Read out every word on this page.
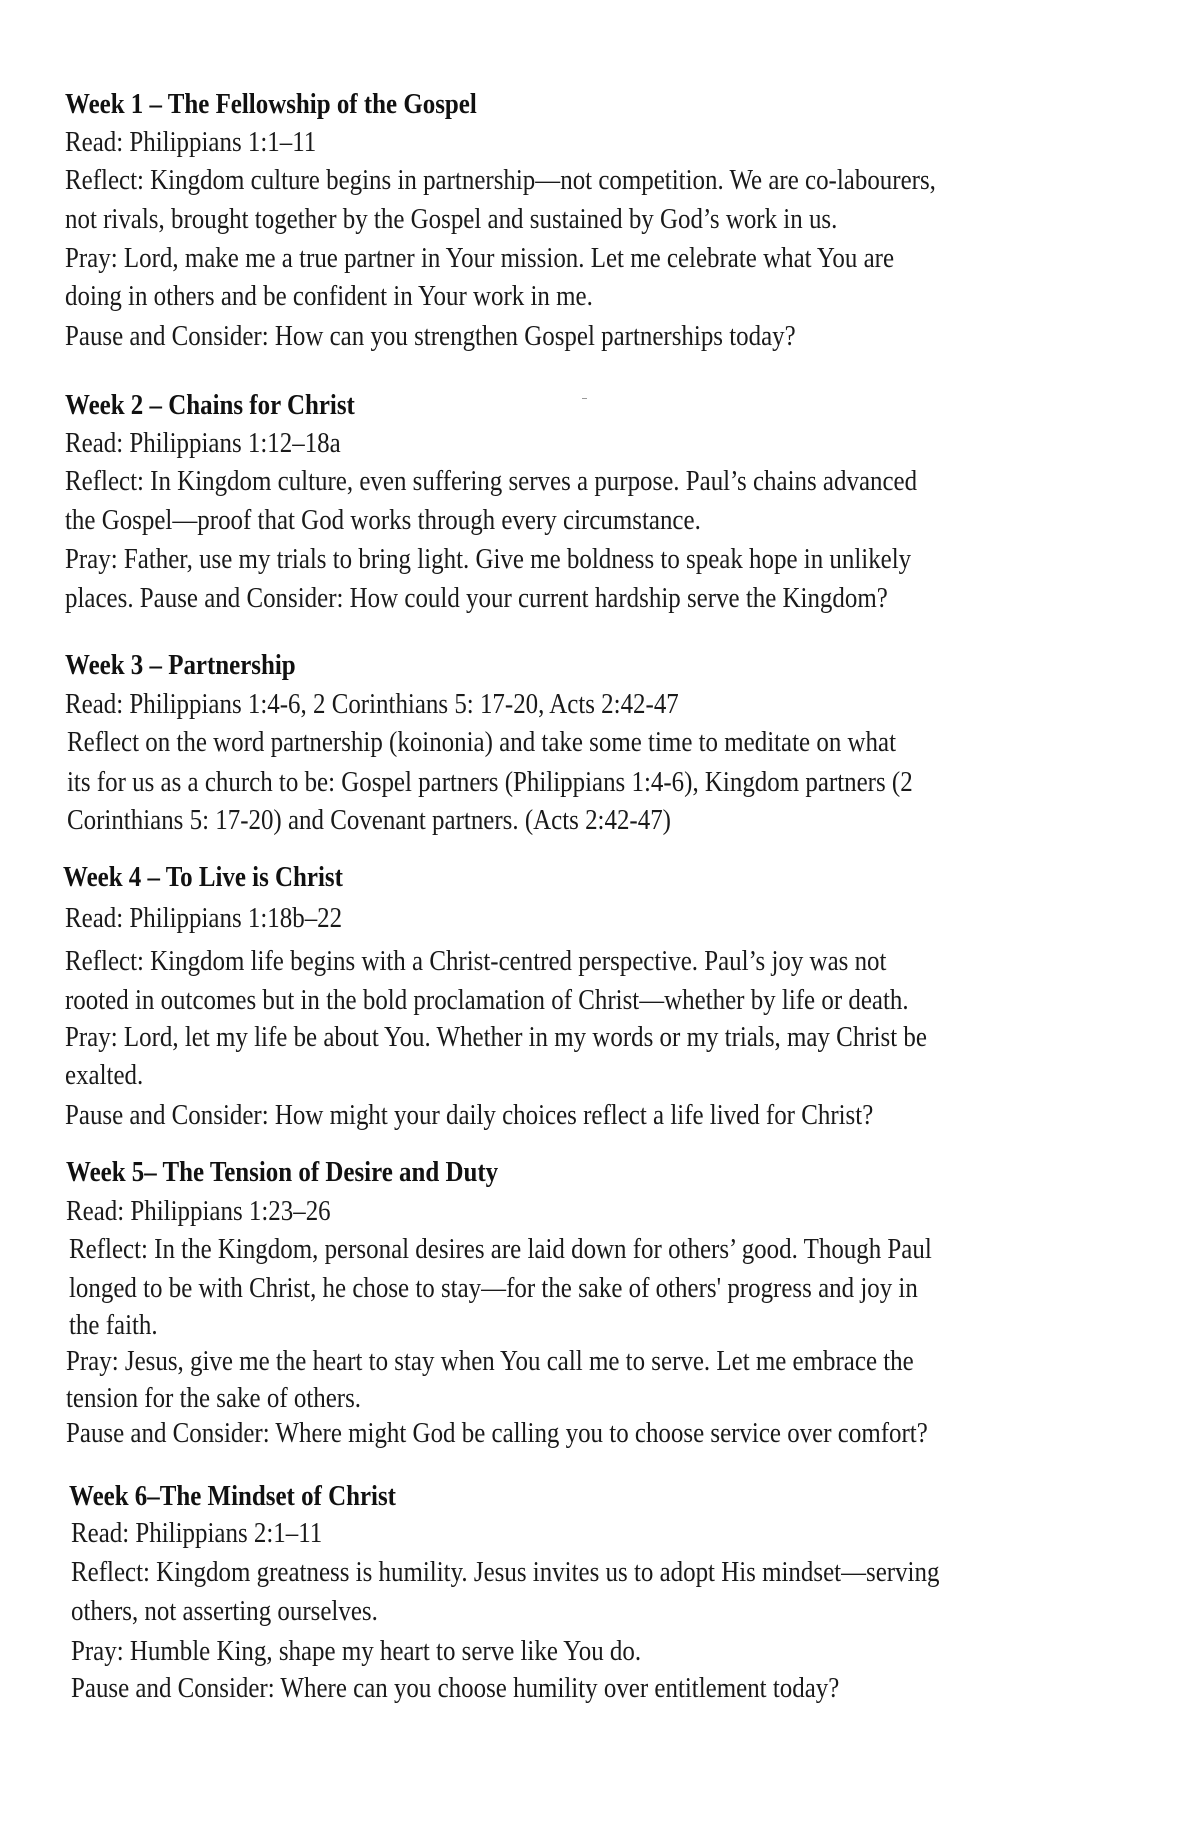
Week 1 – The Fellowship of the Gospel
Read: Philippians 1:1–11
Reflect: Kingdom culture begins in partnership—not competition. We are co-labourers,
not rivals, brought together by the Gospel and sustained by God’s work in us.
Pray: Lord, make me a true partner in Your mission. Let me celebrate what You are
doing in others and be confident in Your work in me.
Pause and Consider: How can you strengthen Gospel partnerships today?
Week 2 – Chains for Christ
Read: Philippians 1:12–18a
Reflect: In Kingdom culture, even suffering serves a purpose. Paul’s chains advanced
the Gospel—proof that God works through every circumstance.
Pray: Father, use my trials to bring light. Give me boldness to speak hope in unlikely
places. Pause and Consider: How could your current hardship serve the Kingdom?
Week 3 – Partnership
Read: Philippians 1:4-6, 2 Corinthians 5: 17-20, Acts 2:42-47
Reflect on the word partnership (koinonia) and take some time to meditate on what
its for us as a church to be: Gospel partners (Philippians 1:4-6), Kingdom partners (2
Corinthians 5: 17-20) and Covenant partners. (Acts 2:42-47)
Week 4 – To Live is Christ
Read: Philippians 1:18b–22
Reflect: Kingdom life begins with a Christ-centred perspective. Paul’s joy was not
rooted in outcomes but in the bold proclamation of Christ—whether by life or death.
Pray: Lord, let my life be about You. Whether in my words or my trials, may Christ be
exalted.
Pause and Consider: How might your daily choices reflect a life lived for Christ?
Week 5– The Tension of Desire and Duty
Read: Philippians 1:23–26
Reflect: In the Kingdom, personal desires are laid down for others’ good. Though Paul
longed to be with Christ, he chose to stay—for the sake of others' progress and joy in
the faith.
Pray: Jesus, give me the heart to stay when You call me to serve. Let me embrace the
tension for the sake of others.
Pause and Consider: Where might God be calling you to choose service over comfort?
Week 6–The Mindset of Christ
Read: Philippians 2:1–11
Reflect: Kingdom greatness is humility. Jesus invites us to adopt His mindset—serving
others, not asserting ourselves.
Pray: Humble King, shape my heart to serve like You do.
Pause and Consider: Where can you choose humility over entitlement today?
